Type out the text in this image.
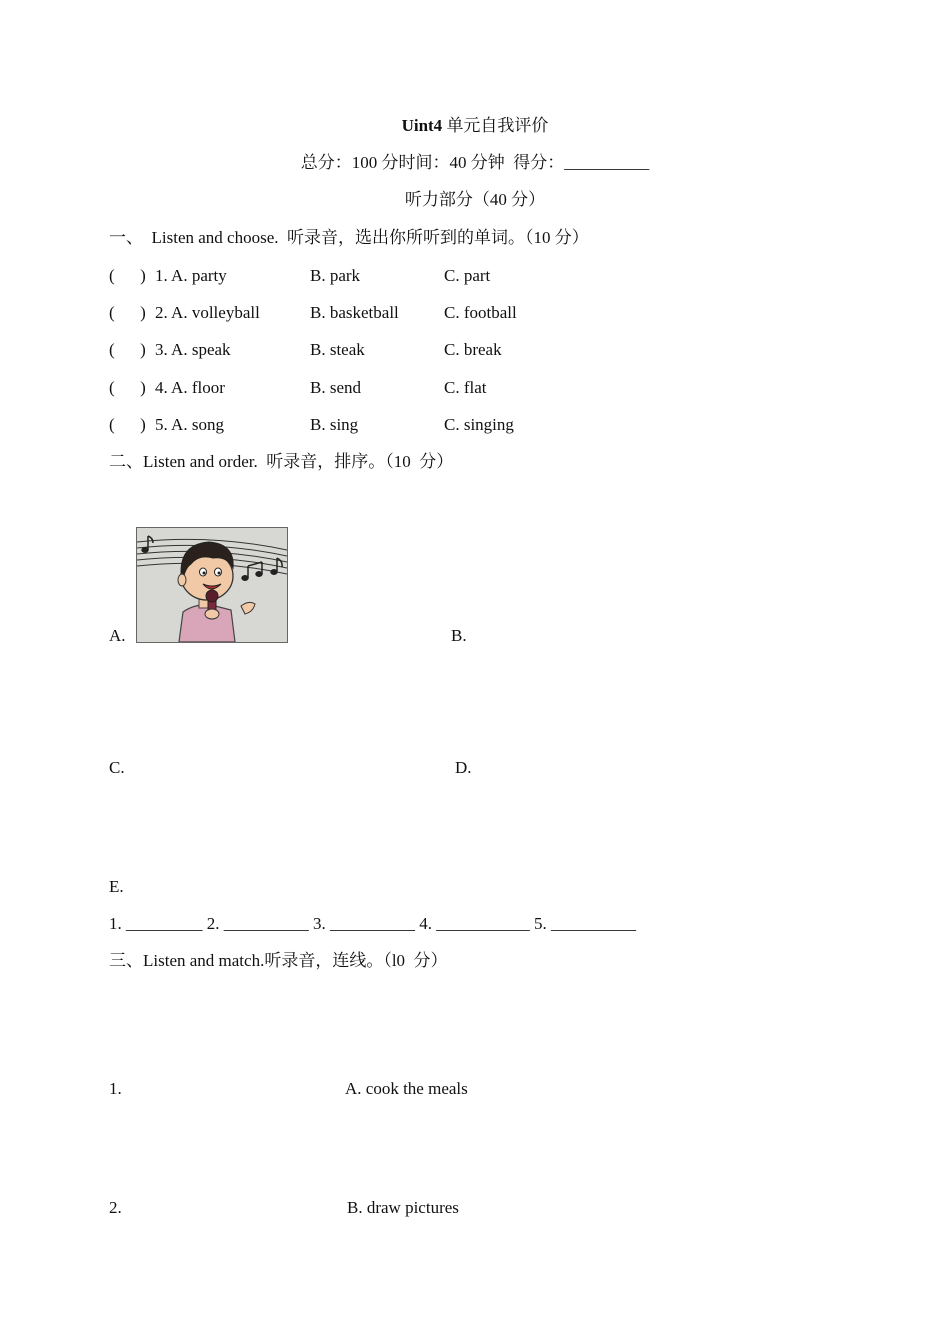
Uint4 单元自我评价
总分：100 分时间：40 分钟  得分：__________
听力部分（40 分）
一、  Listen and choose.  听录音，选出你所听到的单词。（10 分）
(      ) 1. A. party	B. park	C. part
(      ) 2. A. volleyball	B. basketball	C. football
(      ) 3. A. speak	B. steak	C. break
(      ) 4. A. floor	B. send	C. flat
(      ) 5. A. song	B. sing	C. singing
二、Listen and order.  听录音，排序。（10  分）
A.	B.
C.	D.
E.
1. _________ 2. __________ 3. __________ 4. ___________ 5. __________
三、Listen and match.听录音，连线。（l0  分）
1.	A. cook the meals
2.	B. draw pictures
